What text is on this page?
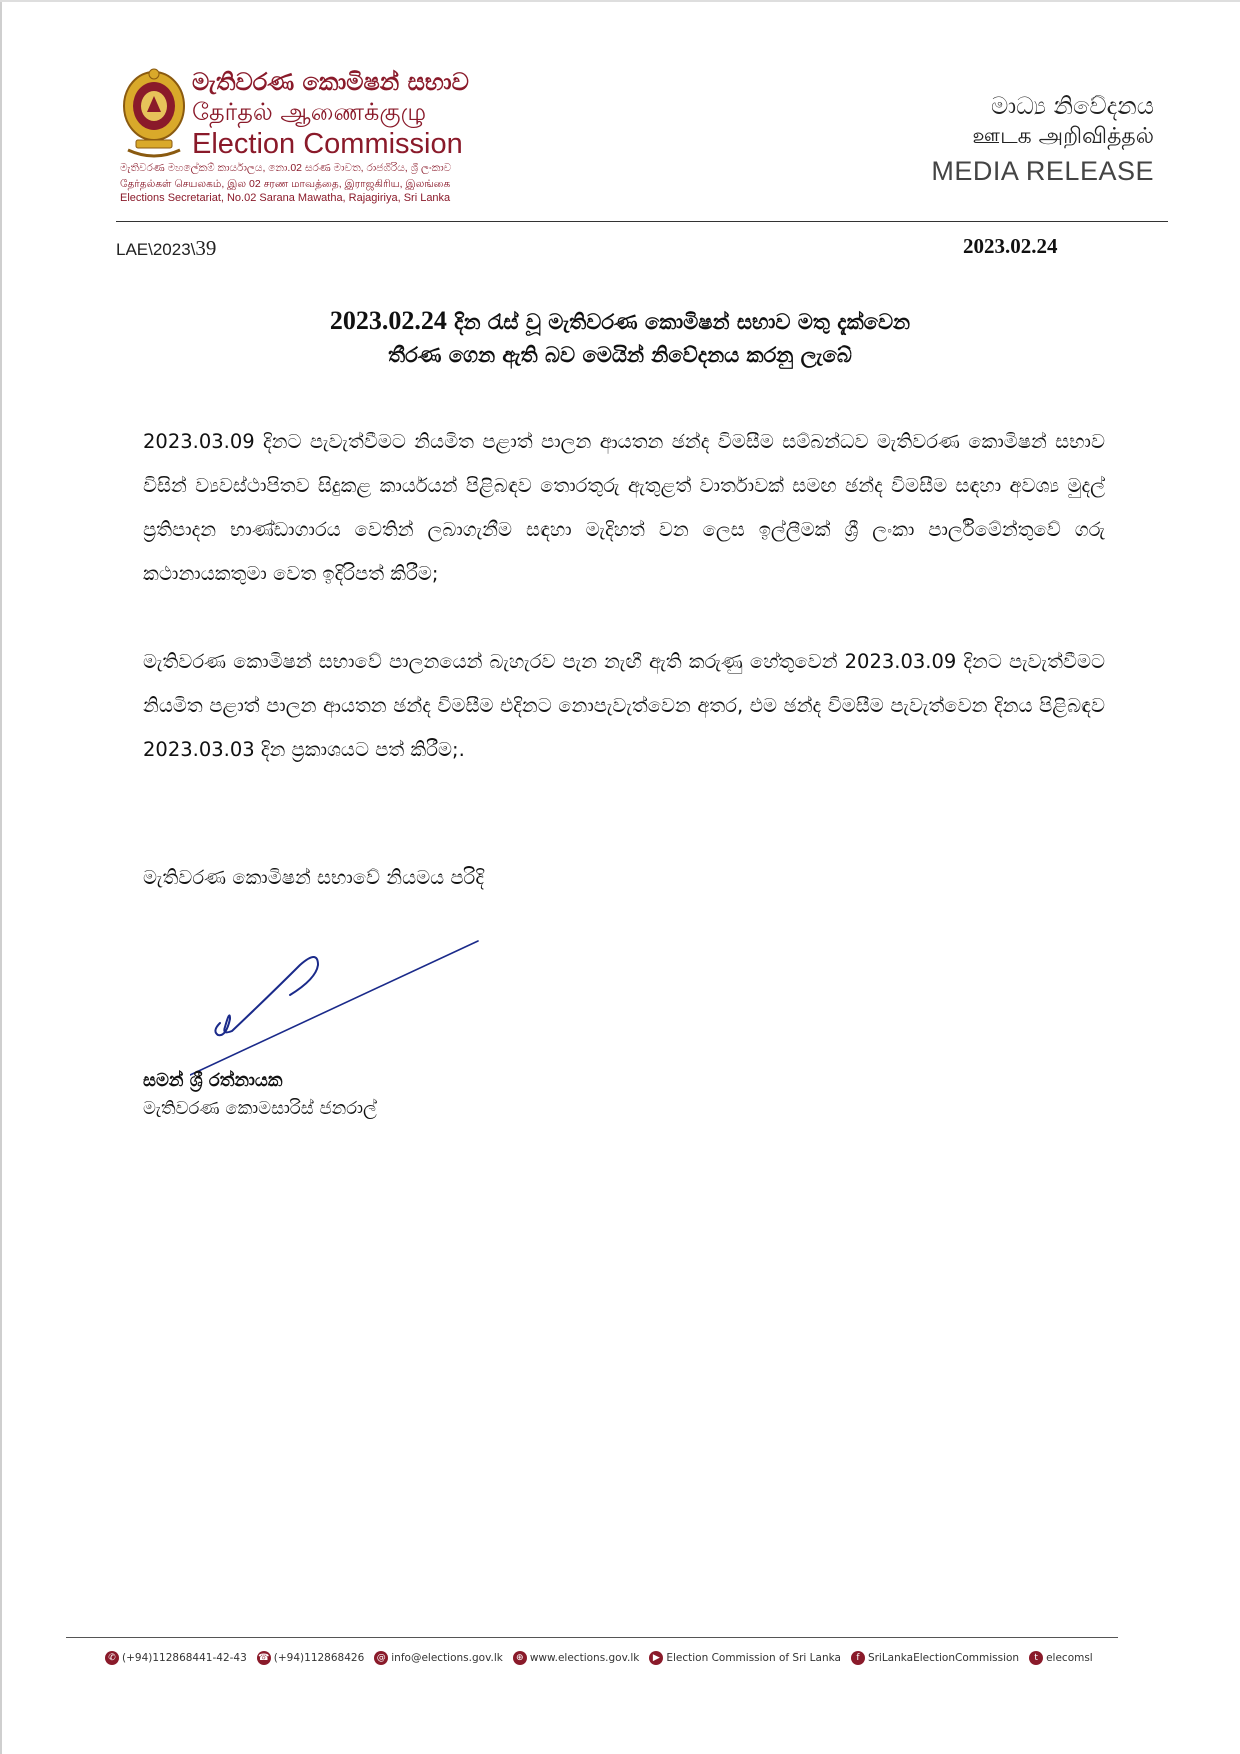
මැතිවරණ කොමිෂන් සභාව
தேர்தல் ஆணைக்குழு
Election Commission
මැතිවරණ මහලේකම් කාර්යාලය, නො.02 සරණ මාවත, රාජගිරිය, ශ්‍රී ලංකාව
தேர்தல்கள் செயலகம், இல 02 சரண மாவத்தை, இராஜகிரிய, இலங்கை
Elections Secretariat, No.02 Sarana Mawatha, Rajagiriya, Sri Lanka
මාධ්‍ය නිවේදනය
ஊடக அறிவித்தல்
MEDIA RELEASE
LAE\2023\39	2023.02.24
2023.02.24 දින රැස් වූ මැතිවරණ කොමිෂන් සභාව මතු දැක්වෙන
තීරණ ගෙන ඇති බව මෙයින් නිවේදනය කරනු ලැබේ
2023.03.09 දිනට පැවැත්වීමට නියමිත පළාත් පාලන ආයතන ඡන්ද විමසීම සම්බන්ධව මැතිවරණ කොමිෂන් සභාව විසින් ව්‍යවස්ථාපිතව සිදුකළ කාර්යයන් පිළිබඳව තොරතුරු ඇතුළත් වාර්තාවක් සමඟ ඡන්ද විමසීම සඳහා අවශ්‍ය මුදල් ප්‍රතිපාදන භාණ්ඩාගාරය වෙතින් ලබාගැනීම සඳහා මැදිහත් වන ලෙස ඉල්ලීමක් ශ්‍රී ලංකා පාර්ලිමේන්තුවේ ගරු කථානායකතුමා වෙත ඉදිරිපත් කිරීම;
මැතිවරණ කොමිෂන් සභාවේ පාලනයෙන් බැහැරව පැන නැඟී ඇති කරුණු හේතුවෙන් 2023.03.09 දිනට පැවැත්වීමට නියමිත පළාත් පාලන ආයතන ඡන්ද විමසීම එදිනට නොපැවැත්වෙන අතර, එම ඡන්ද විමසීම පැවැත්වෙන දිනය පිළිබඳව 2023.03.03 දින ප්‍රකාශයට පත් කිරීම;.
මැතිවරණ කොමිෂන් සභාවේ නියමය පරිදි
සමන් ශ්‍රී රත්නායක
මැතිවරණ කොමසාරිස් ජනරාල්
✆ (+94)112868441-42-43 ☎ (+94)112868426 @ info@elections.gov.lk	⊕ www.elections.gov.lk	▶ Election Commission of Sri Lanka	f SriLankaElectionCommission	t elecomsl
